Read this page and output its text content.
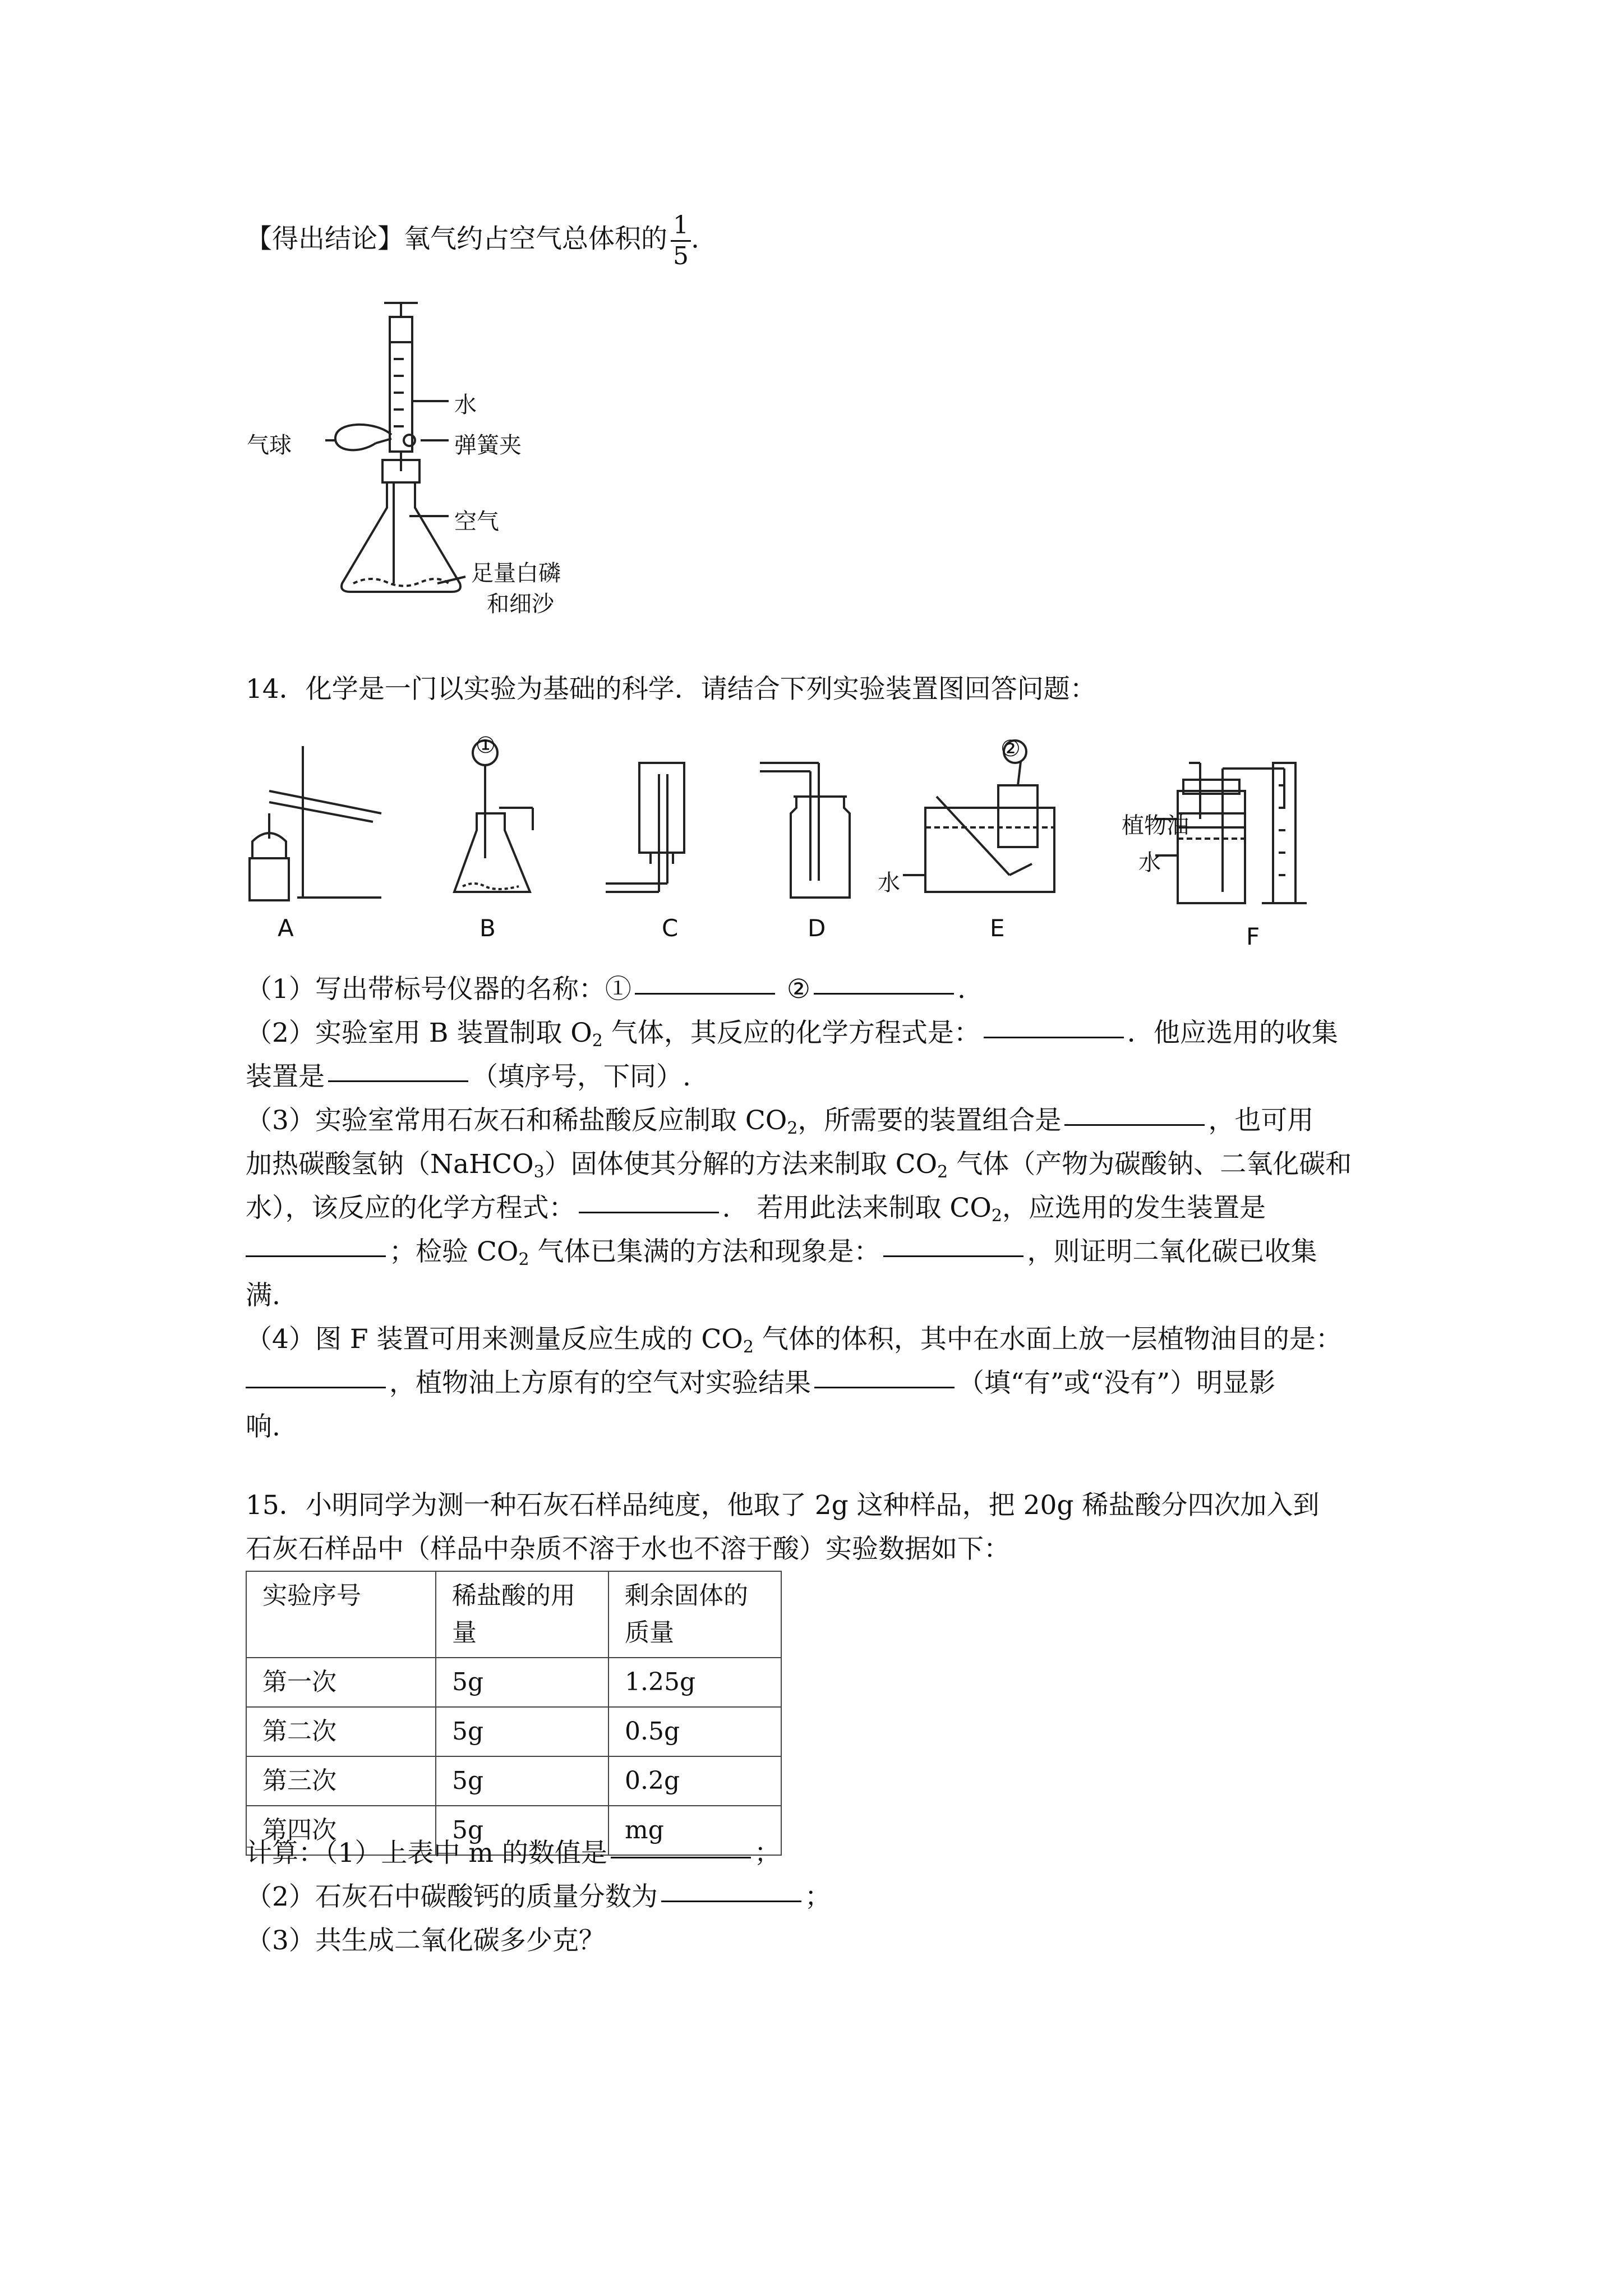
【得出结论】氧气约占空气总体积的 $\frac{1}{5}$ .
水
气球	弹簧夹
空气
足量白磷
和细沙
14．化学是一门以实验为基础的科学．请结合下列实验装置图回答问题：
①	②
水
植物油
水
A	B	C	D	E	F
（1）写出带标号仪器的名称：①	②	.
（2）实验室用 B 装置制取 $O_2$ 气体，其反应的化学方程式是：	．他应选用的收集
装置是	（填序号，下同）.
（3）实验室常用石灰石和稀盐酸反应制取 $CO_2$，所需要的装置组合是	，也可用
加热碳酸氢钠（NaHCO$_3$）固体使其分解的方法来制取 $CO_2$ 气体（产物为碳酸钠、二氧化碳和
水），该反应的化学方程式：	.　若用此法来制取 $CO_2$，应选用的发生装置是
；检验 $CO_2$ 气体已集满的方法和现象是：	，则证明二氧化碳已收集
满.
（4）图 F 装置可用来测量反应生成的 $CO_2$ 气体的体积，其中在水面上放一层植物油目的是：
，植物油上方原有的空气对实验结果	（填“有”或“没有”）明显影
响.
15．小明同学为测一种石灰石样品纯度，他取了 2g 这种样品，把 20g 稀盐酸分四次加入到
石灰石样品中（样品中杂质不溶于水也不溶于酸）实验数据如下：
实验序号	稀盐酸的用量	剩余固体的质量
第一次	5g	1.25g
第二次	5g	0.5g
第三次	5g	0.2g
第四次	5g	mg
计算：（1）上表中 m 的数值是	；
（2）石灰石中碳酸钙的质量分数为	；
（3）共生成二氧化碳多少克？
